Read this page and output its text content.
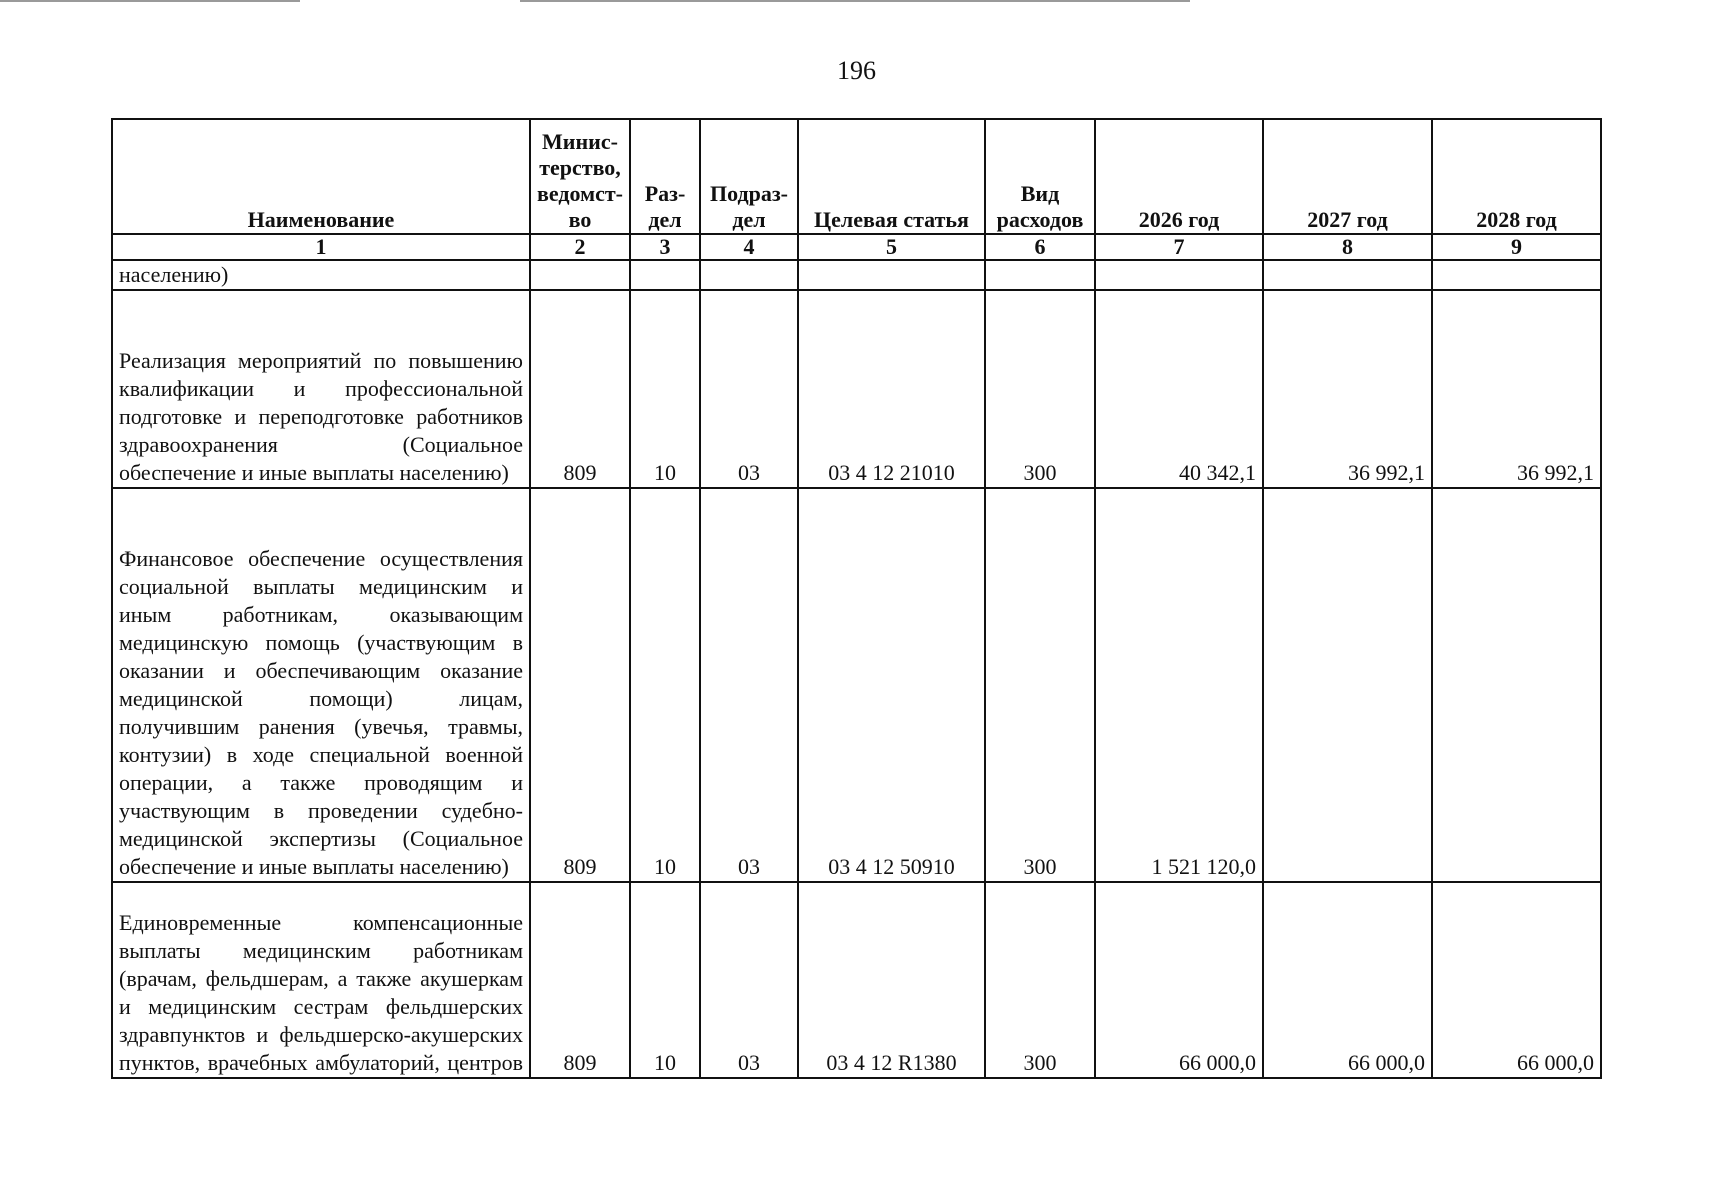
196
Наименование	Минис-терство, ведомст-во	Раз-дел	Подраз-дел	Целевая статья	Вид расходов	2026 год	2027 год	2028 год
1	2	3	4	5	6	7	8	9
населению)								
Реализация мероприятий по повышению квалификации и профессиональной подготовке и переподготовке работников здравоохранения (Социальное обеспечение и иные выплаты населению)	809	10	03	03 4 12 21010	300	40 342,1	36 992,1	36 992,1
Финансовое обеспечение осуществления социальной выплаты медицинским и иным работникам, оказывающим медицинскую помощь (участвующим в оказании и обеспечивающим оказание медицинской помощи) лицам, получившим ранения (увечья, травмы, контузии) в ходе специальной военной операции, а также проводящим и участвующим в проведении судебно-медицинской экспертизы (Социальное обеспечение и иные выплаты населению)	809	10	03	03 4 12 50910	300	1 521 120,0		
Единовременные компенсационные выплаты медицинским работникам (врачам, фельдшерам, а также акушеркам и медицинским сестрам фельдшерских здравпунктов и фельдшерско-акушерских пунктов, врачебных амбулаторий, центров	809	10	03	03 4 12 R1380	300	66 000,0	66 000,0	66 000,0
